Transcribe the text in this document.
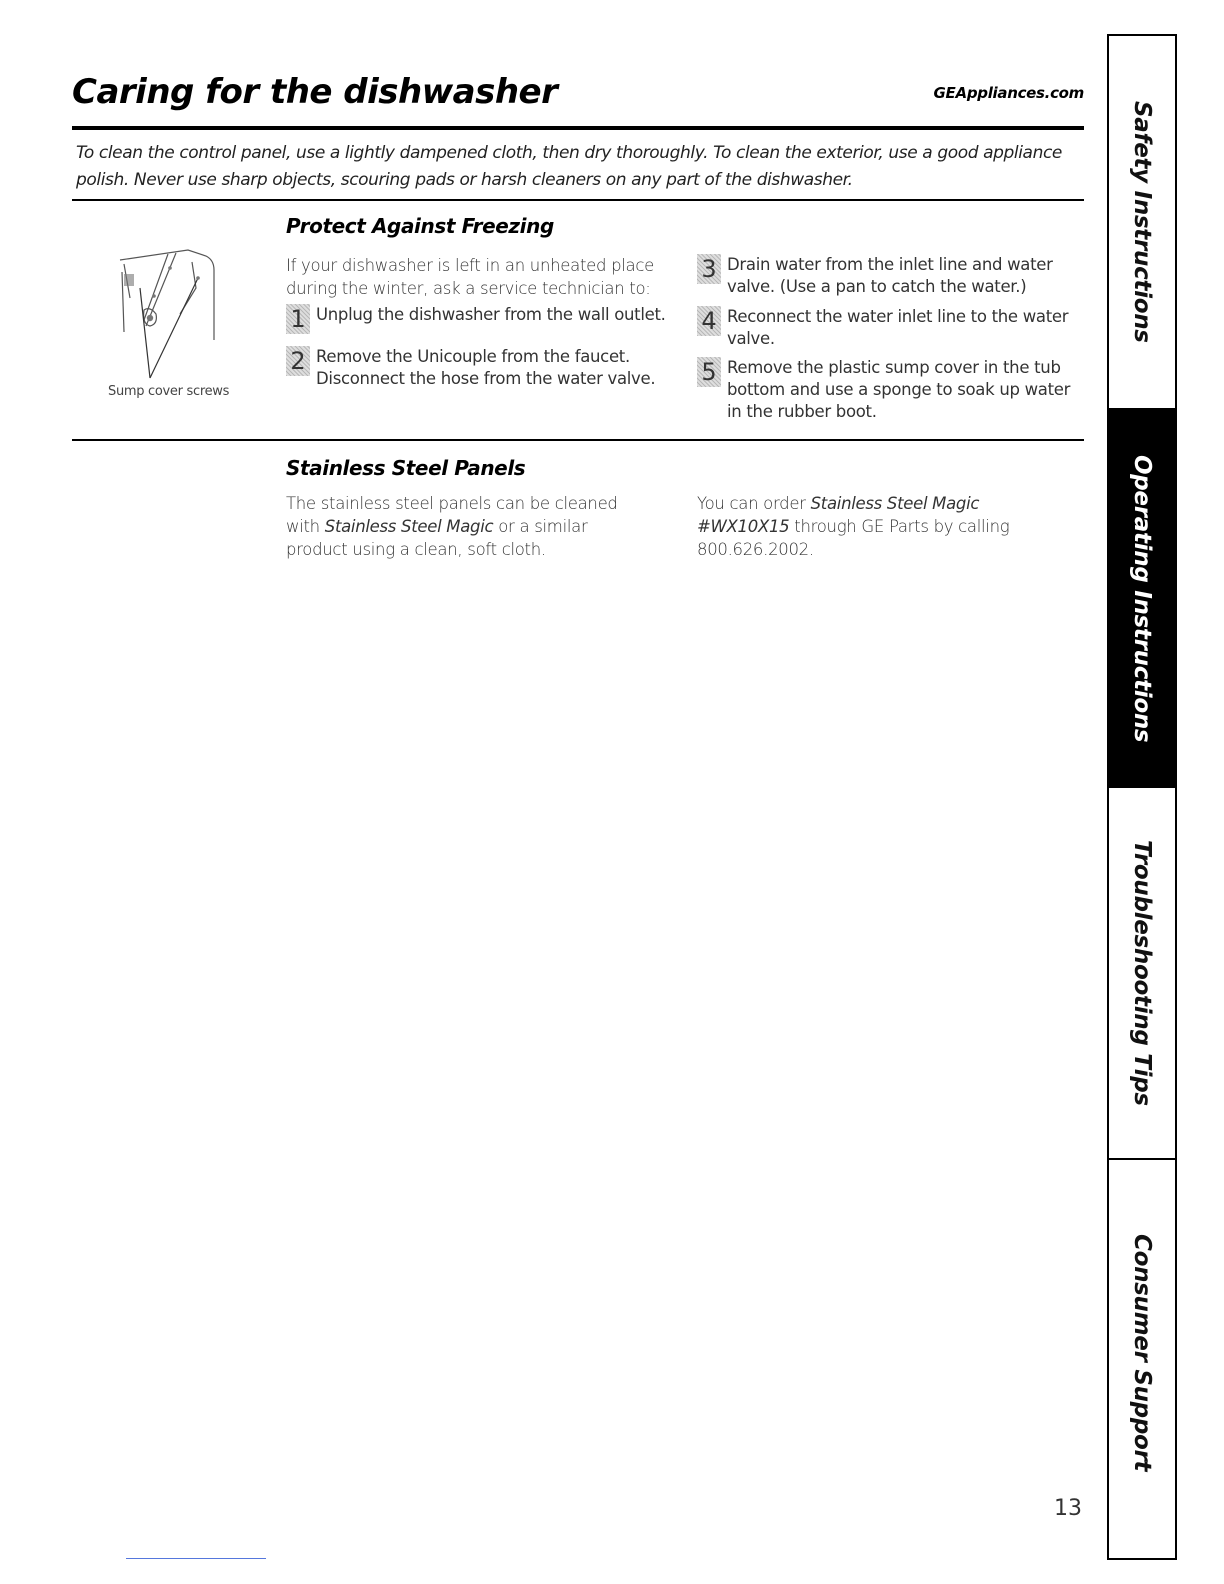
Caring for the dishwasher	GEAppliances.com

To clean the control panel, use a lightly dampened cloth, then dry thoroughly. To clean the exterior, use a good appliance polish. Never use sharp objects, scouring pads or harsh cleaners on any part of the dishwasher.

Protect Against Freezing
Sump cover screws

If your dishwasher is left in an unheated place during the winter, ask a service technician to:

1 Unplug the dishwasher from the wall outlet.
2 Remove the Unicouple from the faucet. Disconnect the hose from the water valve.
3 Drain water from the inlet line and water valve. (Use a pan to catch the water.)
4 Reconnect the water inlet line to the water valve.
5 Remove the plastic sump cover in the tub bottom and use a sponge to soak up water in the rubber boot.
Stainless Steel Panels

The stainless steel panels can be cleaned with Stainless Steel Magic or a similar product using a clean, soft cloth.

You can order Stainless Steel Magic #WX10X15 through GE Parts by calling 800.626.2002.

Safety Instructions
Operating Instructions
Troubleshooting Tips
Consumer Support
13
